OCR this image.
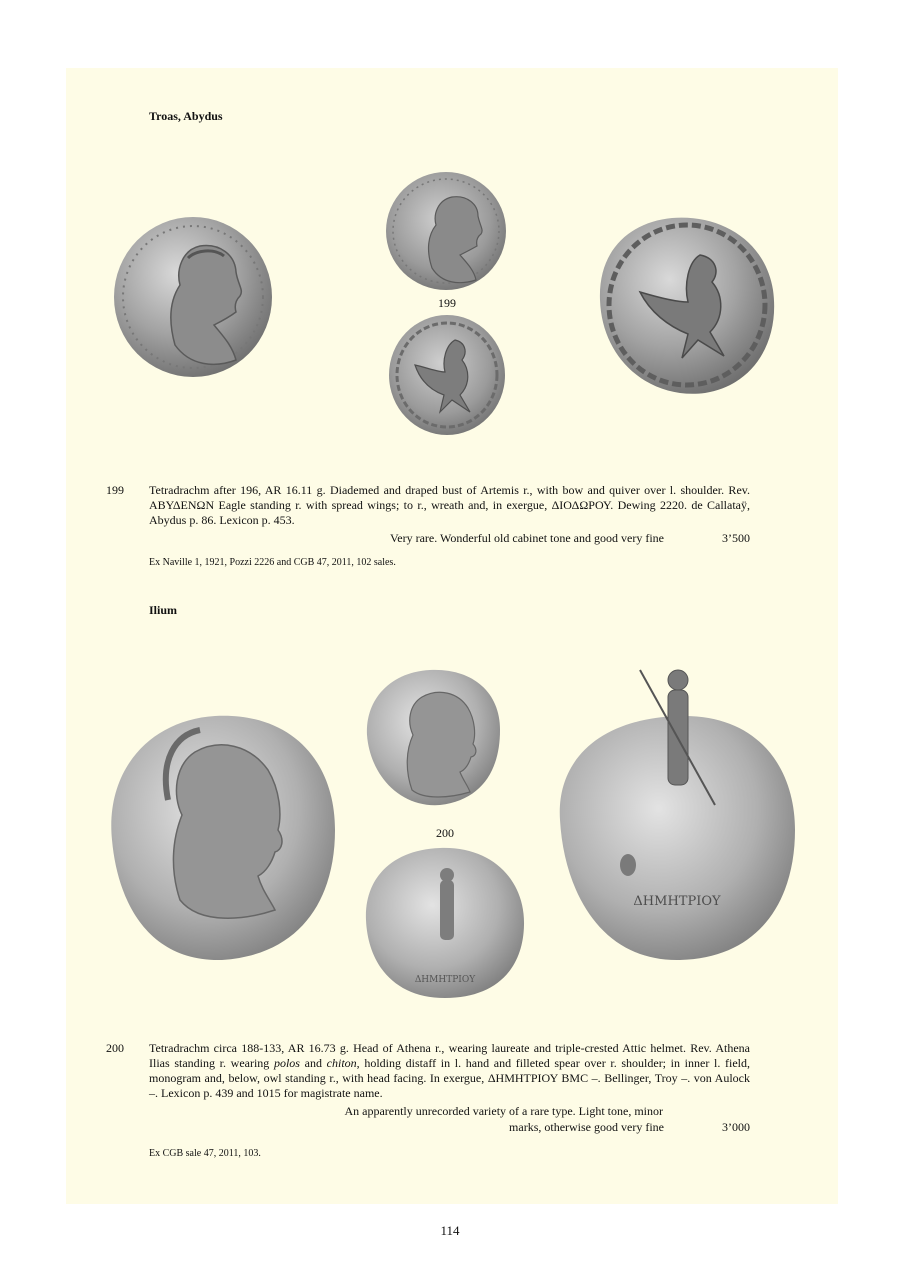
Troas, Abydus
199
199 Tetradrachm after 196, AR 16.11 g. Diademed and draped bust of Artemis r., with bow and quiver over l. shoulder. Rev. ΑΒΥΔΕΝΩΝ Eagle standing r. with spread wings; to r., wreath and, in exergue, ΔΙΟΔΩΡΟΥ. Dewing 2220. de Callataÿ, Abydus p. 86. Lexicon p. 453.
Very rare. Wonderful old cabinet tone and good very fine	3’500
Ex Naville 1, 1921, Pozzi 2226 and CGB 47, 2011, 102 sales.
Ilium
ΔΗΜΗΤΡΙΟΥ
ΔΗΜΗΤΡΙΟΥ
200
200 Tetradrachm circa 188-133, AR 16.73 g. Head of Athena r., wearing laureate and triple-crested Attic helmet. Rev. Athena Ilias standing r. wearing polos and chiton, holding distaff in l. hand and filleted spear over r. shoulder; in inner l. field, monogram and, below, owl standing r., with head facing. In exergue, ΔΗΜΗΤΡΙΟΥ BMC –. Bellinger, Troy –. von Aulock –. Lexicon p. 439 and 1015 for magistrate name.
An apparently unrecorded variety of a rare type. Light tone, minor
marks, otherwise good very fine	3’000
Ex CGB sale 47, 2011, 103.
114
